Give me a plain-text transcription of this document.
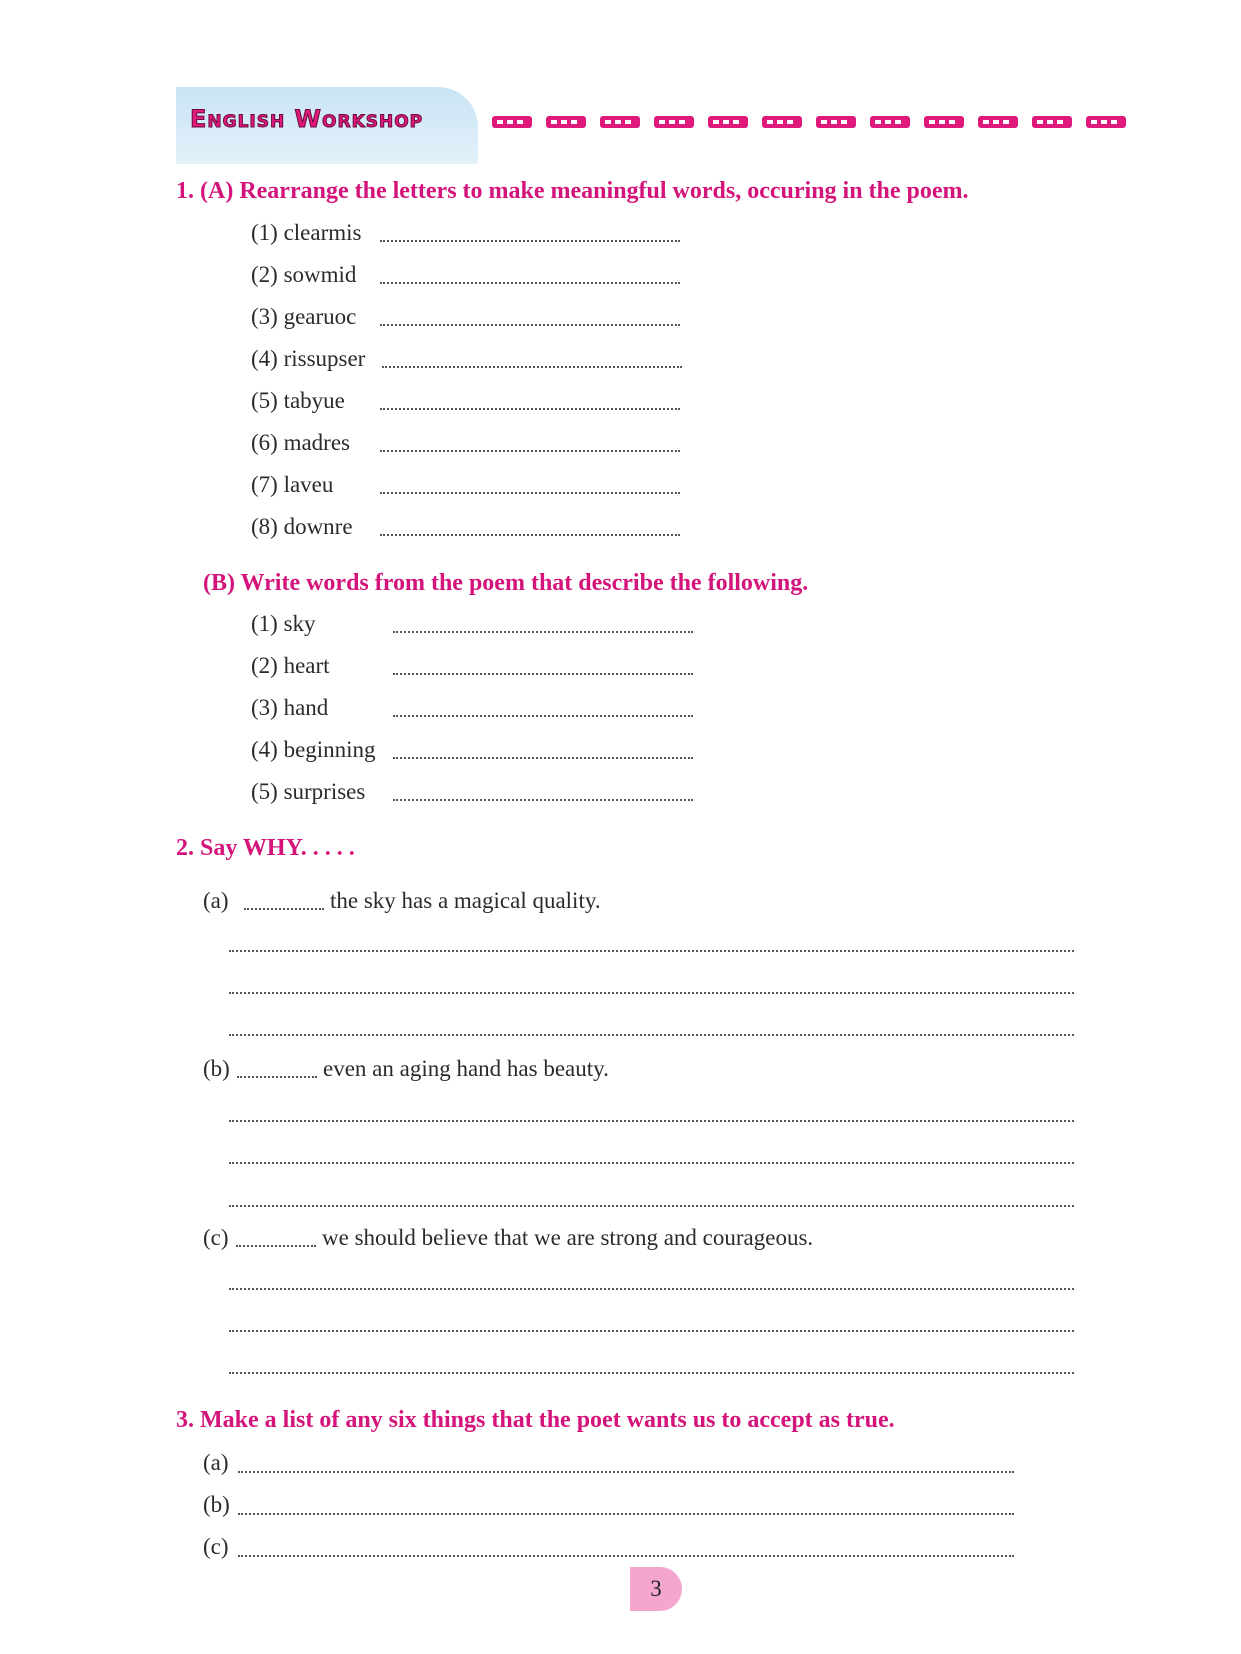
English Workshop
1. (A) Rearrange the letters to make meaningful words, occuring in the poem.
(1) clearmis
(2) sowmid
(3) gearuoc
(4) rissupser
(5) tabyue
(6) madres
(7) laveu
(8) downre
(B) Write words from the poem that describe the following.
(1) sky
(2) heart
(3) hand
(4) beginning
(5) surprises
2. Say WHY. . . . .
(a)	the sky has a magical quality.
(b)	even an aging hand has beauty.
(c)	we should believe that we are strong and courageous.
3. Make a list of any six things that the poet wants us to accept as true.
(a)
(b)
(c)
3
